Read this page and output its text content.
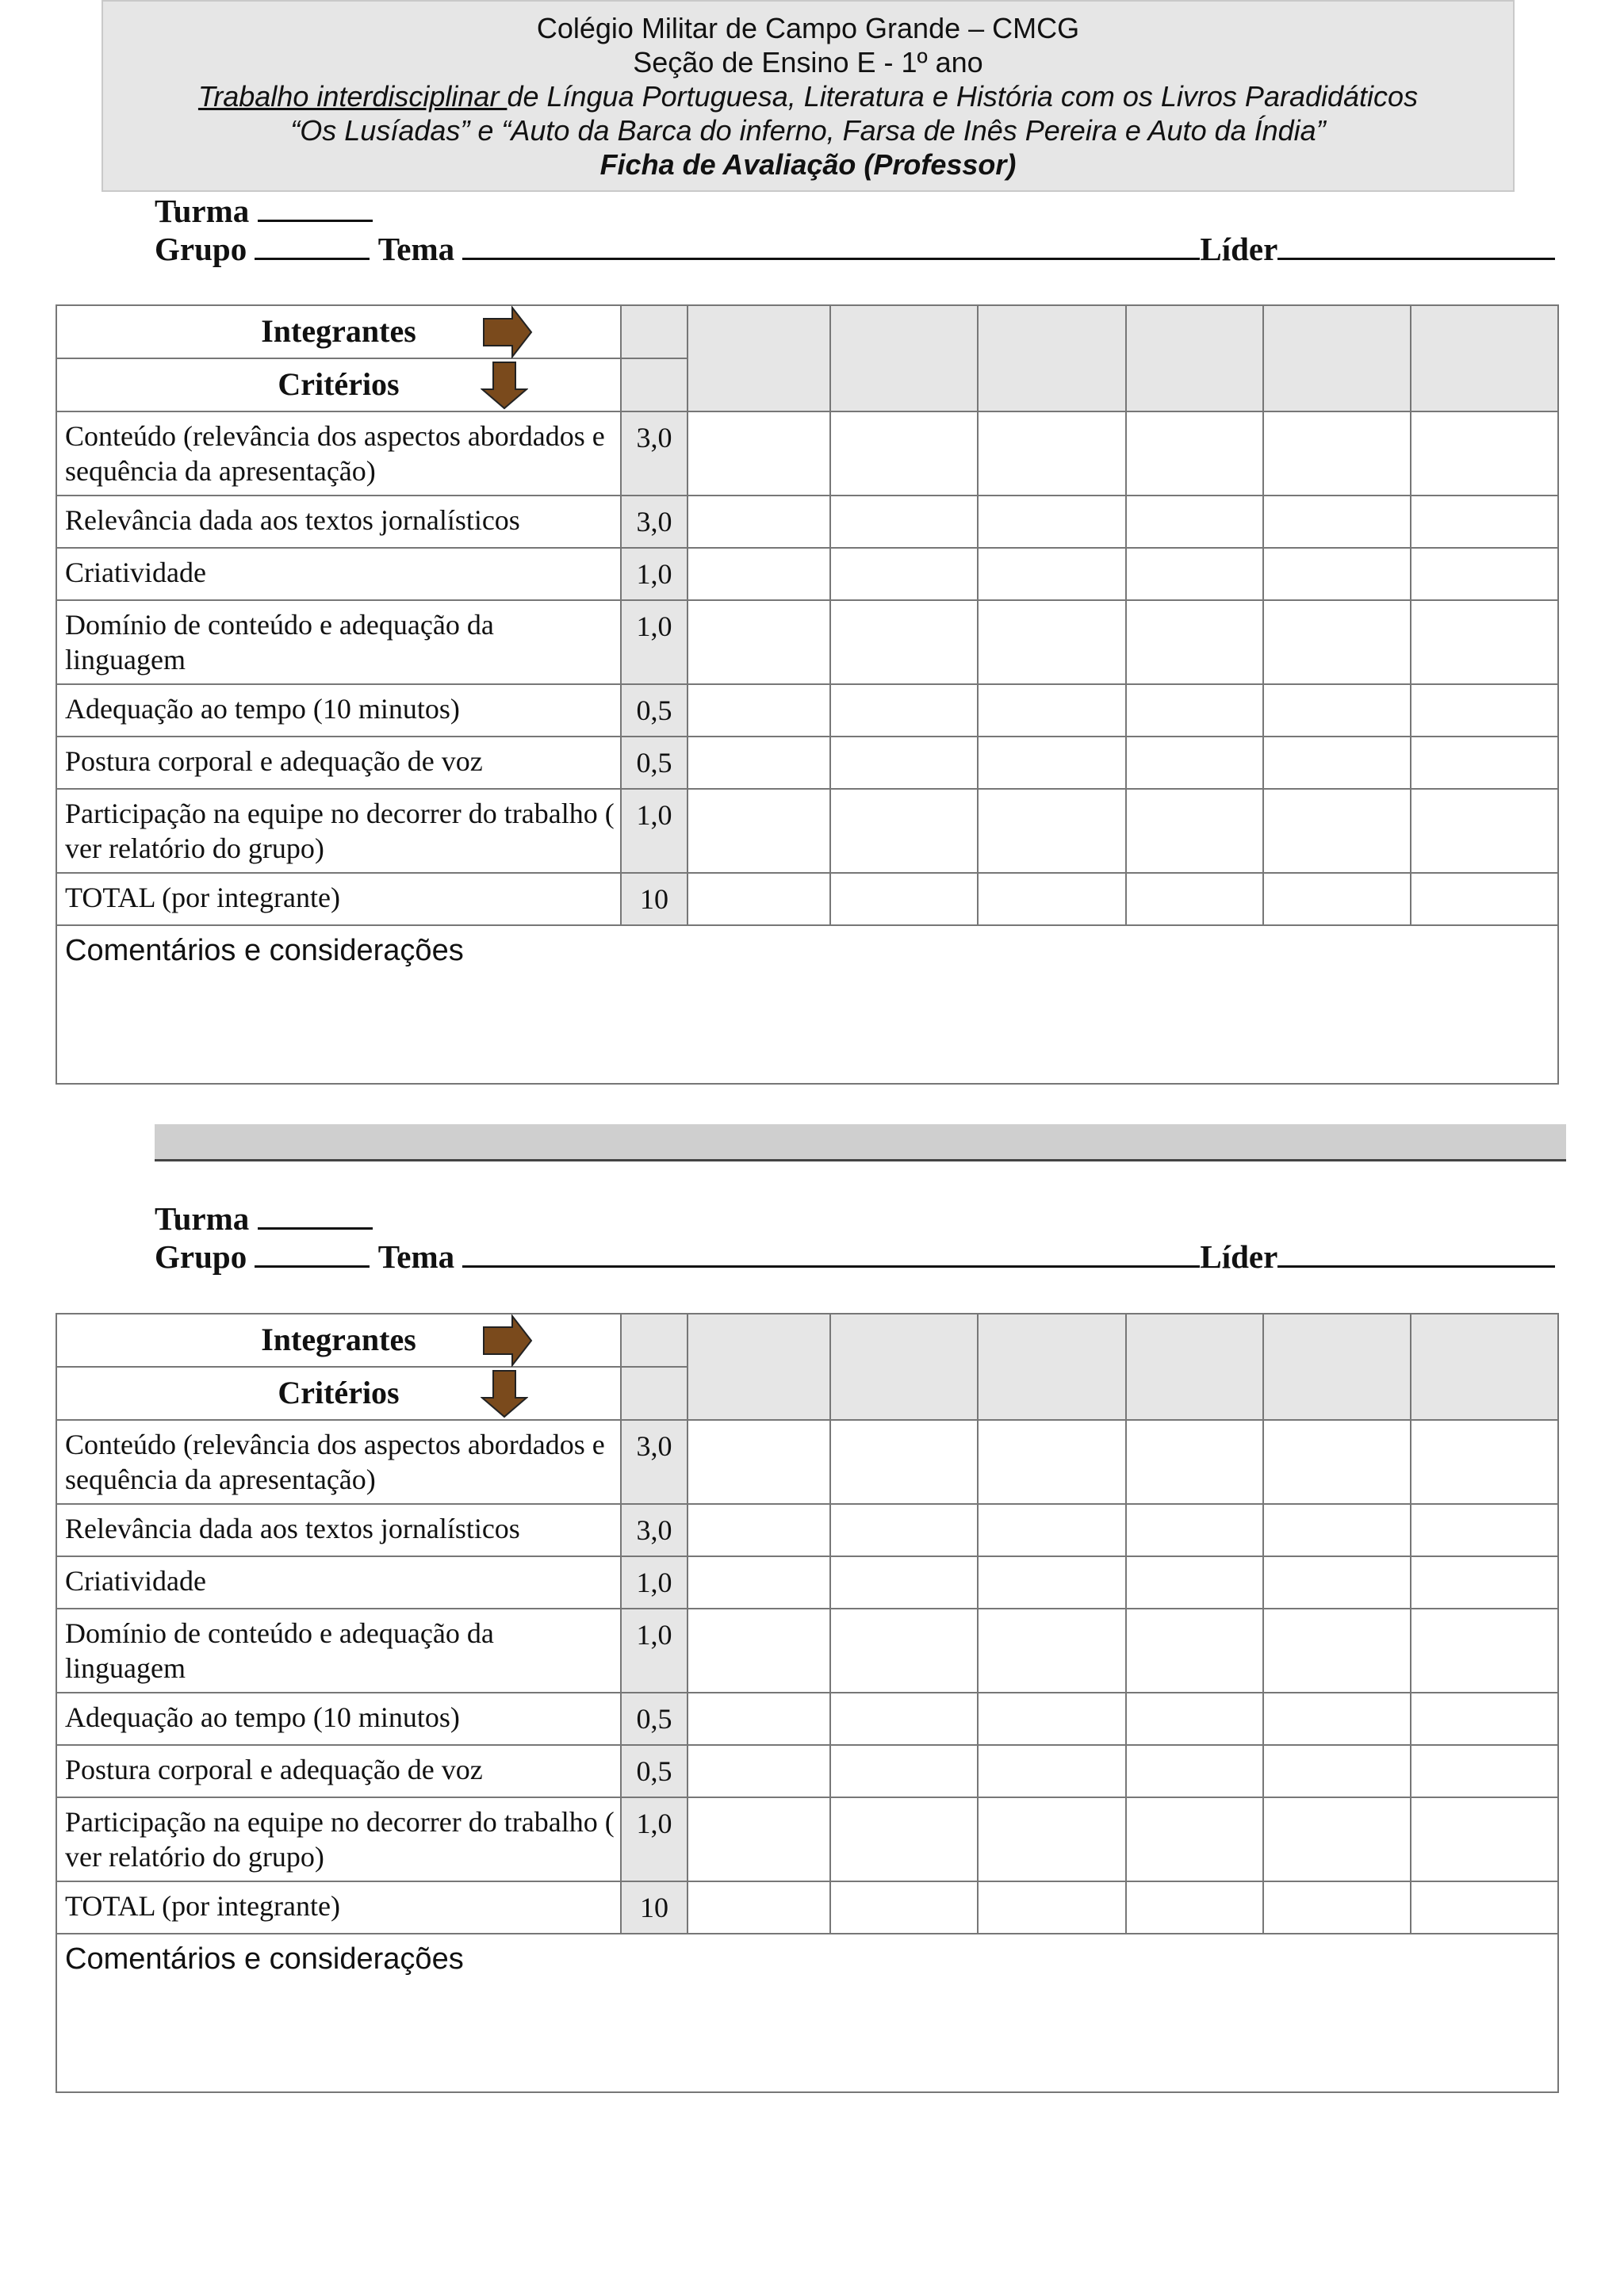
Colégio Militar de Campo Grande – CMCG
Seção de Ensino E - 1º ano
Trabalho interdisciplinar de Língua Portuguesa, Literatura e História com os Livros Paradidáticos
“Os Lusíadas” e “Auto da Barca do inferno, Farsa de Inês Pereira e Auto da Índia”
Ficha de Avaliação (Professor)
Turma
Grupo	Tema	Líder
Integrantes

Critérios						

Conteúdo (relevância dos aspectos abordados e sequência da apresentação)	3,0						
Relevância dada aos textos jornalísticos	3,0						
Criatividade	1,0						
Domínio de conteúdo e adequação da linguagem	1,0						
Adequação ao tempo (10 minutos)	0,5						
Postura corporal e adequação de voz	0,5						
Participação na equipe no decorrer do trabalho ( ver relatório do grupo)	1,0						
TOTAL (por integrante)	10						
Comentários e considerações							
Turma
Grupo	Tema	Líder
Integrantes

Critérios						

Conteúdo (relevância dos aspectos abordados e sequência da apresentação)	3,0						
Relevância dada aos textos jornalísticos	3,0						
Criatividade	1,0						
Domínio de conteúdo e adequação da linguagem	1,0						
Adequação ao tempo (10 minutos)	0,5						
Postura corporal e adequação de voz	0,5						
Participação na equipe no decorrer do trabalho ( ver relatório do grupo)	1,0						
TOTAL (por integrante)	10						
Comentários e considerações							
